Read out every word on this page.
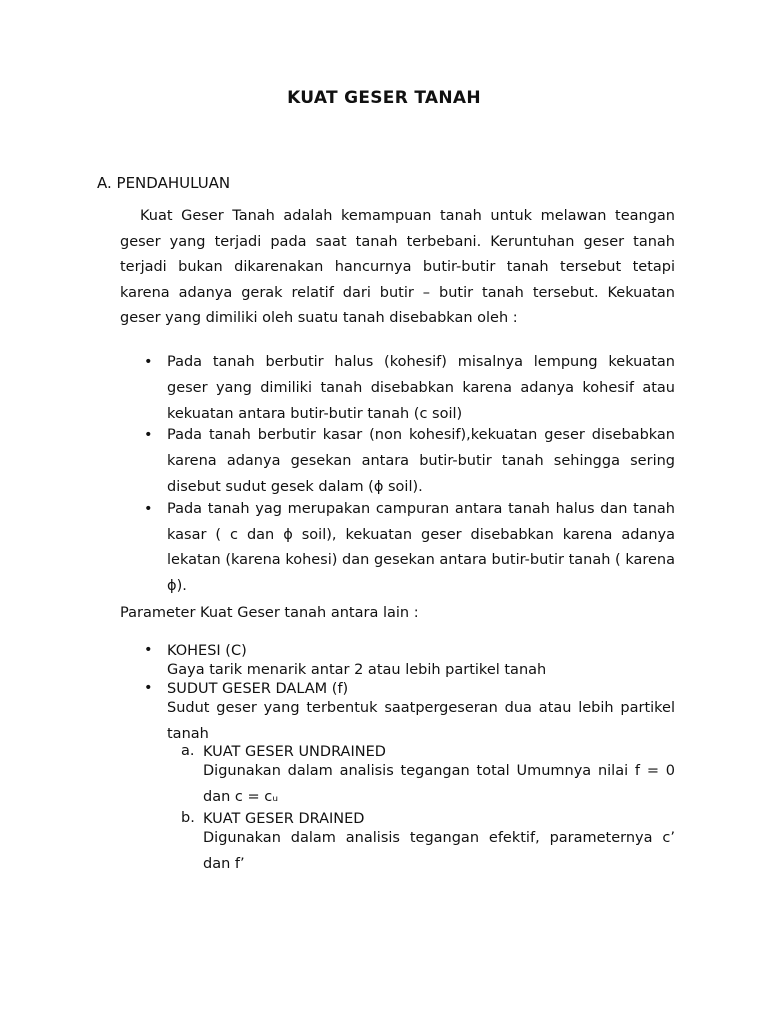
KUAT GESER TANAH
A. PENDAHULUAN
Kuat Geser Tanah adalah kemampuan tanah untuk melawan teangan geser yang terjadi pada saat tanah terbebani. Keruntuhan geser tanah terjadi bukan dikarenakan hancurnya butir-butir tanah tersebut tetapi karena adanya gerak relatif dari butir – butir tanah tersebut. Kekuatan geser yang dimiliki oleh suatu tanah disebabkan oleh :
• Pada tanah berbutir halus (kohesif) misalnya lempung kekuatan geser yang dimiliki tanah disebabkan karena adanya kohesif atau kekuatan antara butir-butir tanah (c soil)
• Pada tanah berbutir kasar (non kohesif),kekuatan geser disebabkan karena adanya gesekan antara butir-butir tanah sehingga sering disebut sudut gesek dalam (ϕ soil).
• Pada tanah yag merupakan campuran antara tanah halus dan tanah kasar ( c dan ϕ soil), kekuatan geser disebabkan karena adanya lekatan (karena kohesi) dan gesekan antara butir-butir tanah ( karena ϕ).
Parameter Kuat Geser tanah antara lain :
• KOHESI (C)
Gaya tarik menarik antar 2 atau lebih partikel tanah
• SUDUT GESER DALAM (f)
Sudut geser yang terbentuk saatpergeseran dua atau lebih partikel tanah
a. KUAT GESER UNDRAINED
Digunakan dalam analisis tegangan total Umumnya nilai f = 0 dan c = cᵤ
b. KUAT GESER DRAINED
Digunakan dalam analisis tegangan efektif, parameternya c’ dan f’
